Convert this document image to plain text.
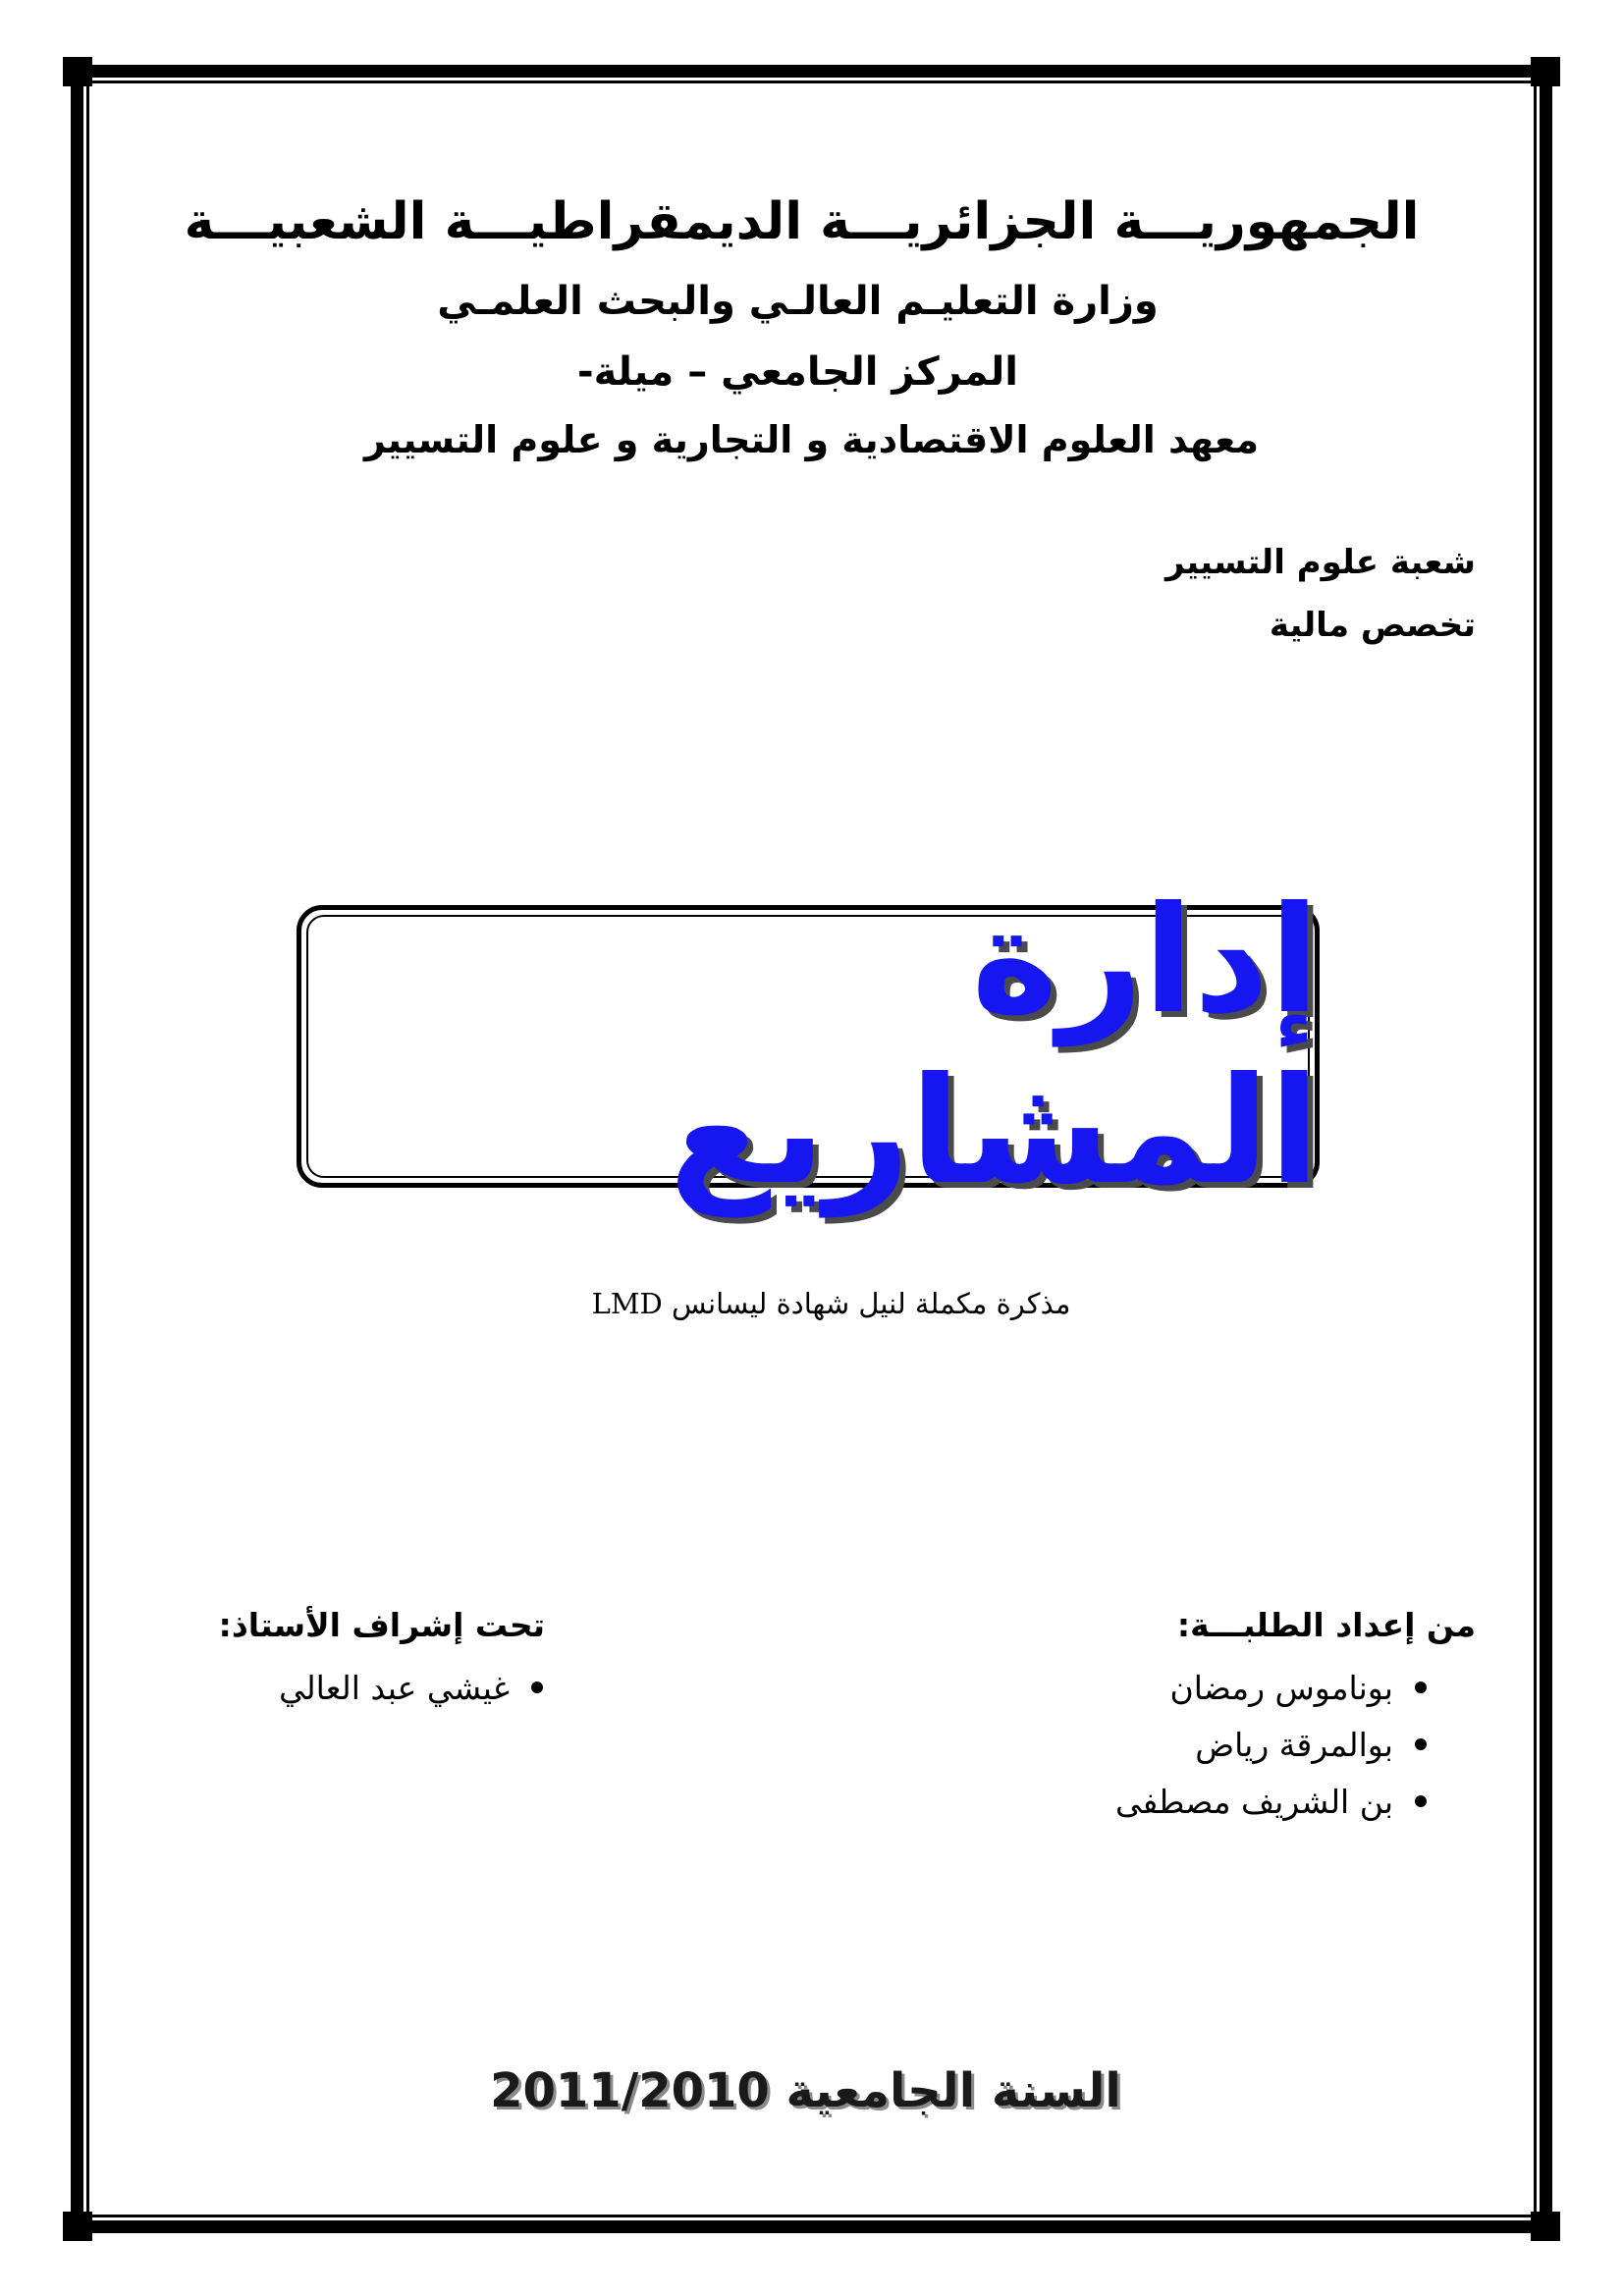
الجمهوريـــة الجزائريـــة الديمقراطيـــة الشعبيـــة
وزارة التعليـم العالـي والبحث العلمـي
المركز الجامعي – ميلة-
معهد العلوم الاقتصادية و التجارية و علوم التسيير
شعبة علوم التسيير
تخصص مالية
إدارة المشاريع
مذكرة مكملة لنيل شهادة ليسانس LMD
من إعداد الطلبـــة:
بوناموس رمضان
بوالمرقة رياض
بن الشريف مصطفى
تحت إشراف الأستاذ:
غيشي عبد العالي
السنة الجامعية 2011/2010
